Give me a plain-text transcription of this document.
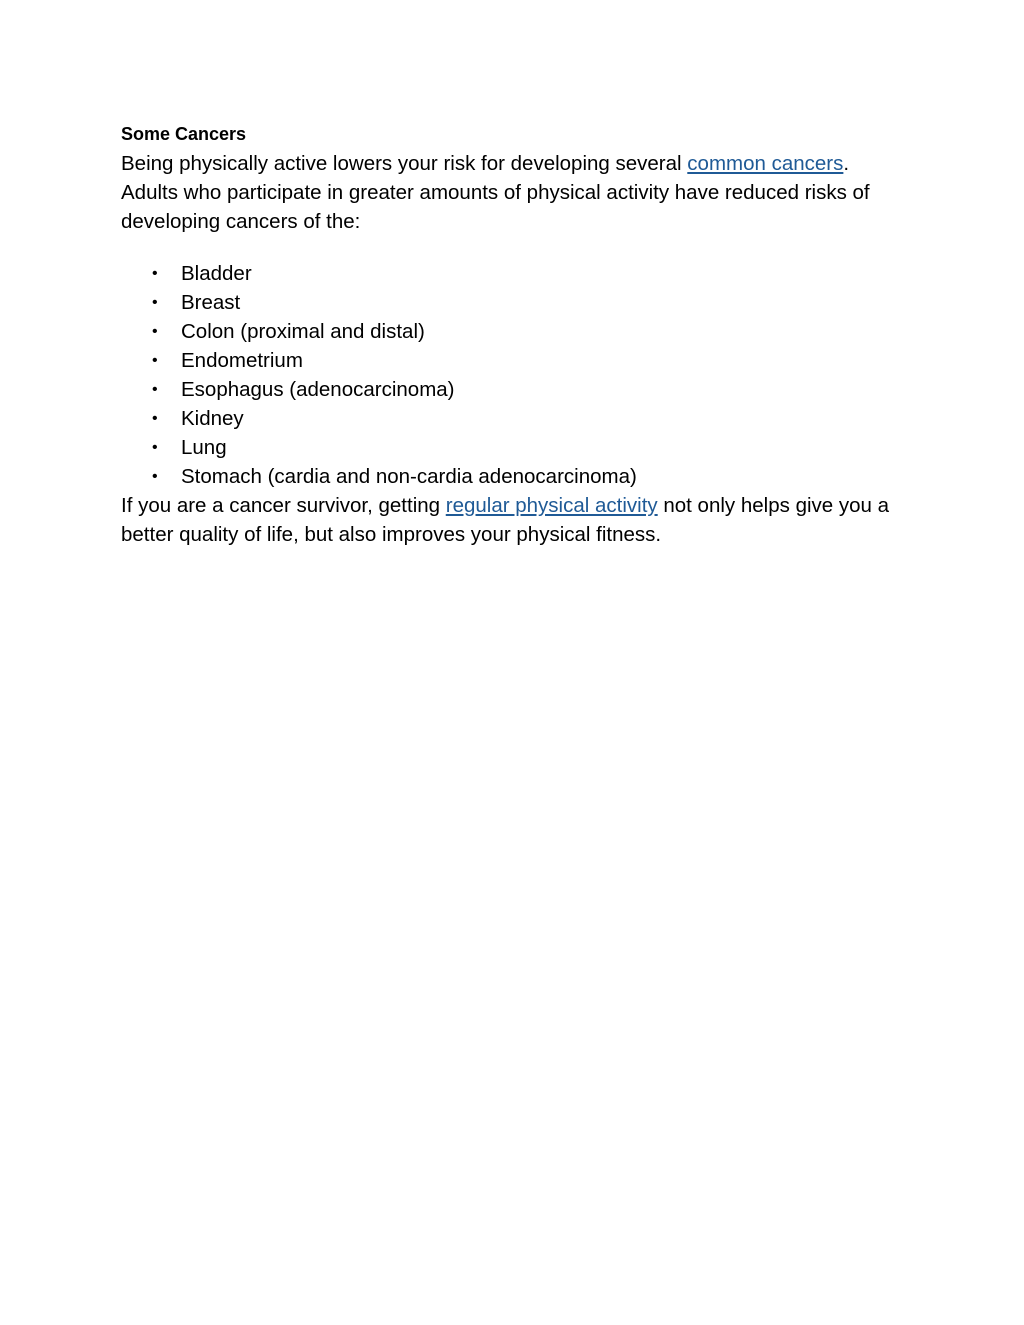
Some Cancers

Being physically active lowers your risk for developing several common cancers. Adults who participate in greater amounts of physical activity have reduced risks of developing cancers of the:

• Bladder
• Breast
• Colon (proximal and distal)
• Endometrium
• Esophagus (adenocarcinoma)
• Kidney
• Lung
• Stomach (cardia and non-cardia adenocarcinoma)

If you are a cancer survivor, getting regular physical activity not only helps give you a better quality of life, but also improves your physical fitness.
